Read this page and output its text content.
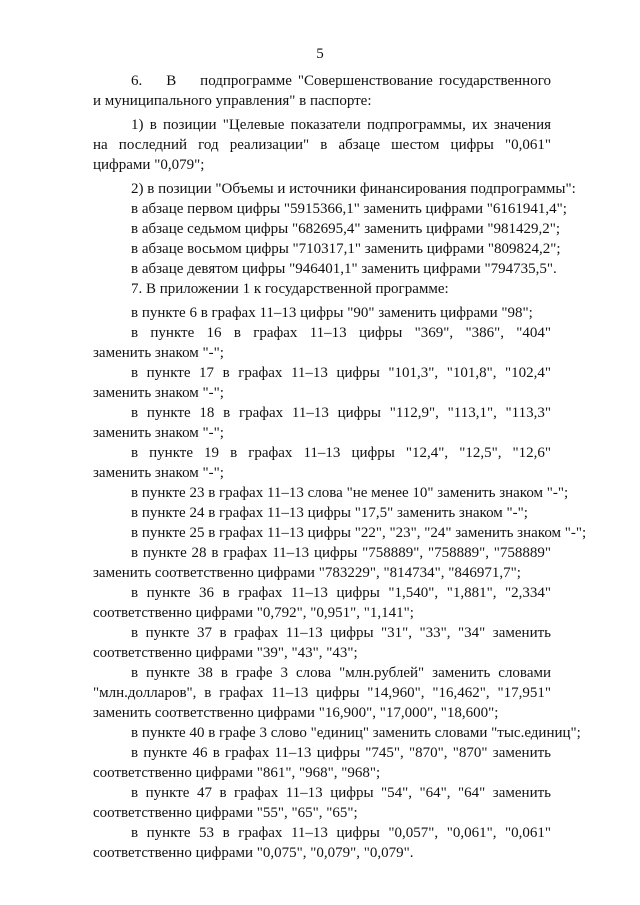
5
6.    В    подпрограмме "Совершенствование государственного
и муниципального управления" в паспорте:
1) в позиции "Целевые показатели подпрограммы, их значения
на последний год реализации" в абзаце шестом цифры "0,061"
цифрами "0,079";
2) в позиции "Объемы и источники финансирования подпрограммы":
в абзаце первом цифры "5915366,1" заменить цифрами "6161941,4";
в абзаце седьмом цифры "682695,4" заменить цифрами "981429,2";
в абзаце восьмом цифры "710317,1" заменить цифрами "809824,2";
в абзаце девятом цифры "946401,1" заменить цифрами "794735,5".
7. В приложении 1 к государственной программе:
в пункте 6 в графах 11–13 цифры "90" заменить цифрами "98";
в пункте 16 в графах 11–13 цифры "369", "386", "404"
заменить знаком "-";
в пункте 17 в графах 11–13 цифры "101,3", "101,8", "102,4"
заменить знаком "-";
в пункте 18 в графах 11–13 цифры "112,9", "113,1", "113,3"
заменить знаком "-";
в пункте 19 в графах 11–13 цифры "12,4", "12,5", "12,6"
заменить знаком "-";
в пункте 23 в графах 11–13 слова "не менее 10" заменить знаком "-";
в пункте 24 в графах 11–13 цифры "17,5" заменить знаком "-";
в пункте 25 в графах 11–13 цифры "22", "23", "24" заменить знаком "-";
в пункте 28 в графах 11–13 цифры "758889", "758889", "758889"
заменить соответственно цифрами "783229", "814734", "846971,7";
в пункте 36 в графах 11–13 цифры "1,540", "1,881", "2,334"
соответственно цифрами "0,792", "0,951", "1,141";
в пункте 37 в графах 11–13 цифры "31", "33", "34" заменить
соответственно цифрами "39", "43", "43";
в пункте 38 в графе 3 слова "млн.рублей" заменить словами
"млн.долларов", в графах 11–13 цифры "14,960", "16,462", "17,951"
заменить соответственно цифрами "16,900", "17,000", "18,600";
в пункте 40 в графе 3 слово "единиц" заменить словами "тыс.единиц";
в пункте 46 в графах 11–13 цифры "745", "870", "870" заменить
соответственно цифрами "861", "968", "968";
в пункте 47 в графах 11–13 цифры "54", "64", "64" заменить
соответственно цифрами "55", "65", "65";
в пункте 53 в графах 11–13 цифры "0,057", "0,061", "0,061"
соответственно цифрами "0,075", "0,079", "0,079".
